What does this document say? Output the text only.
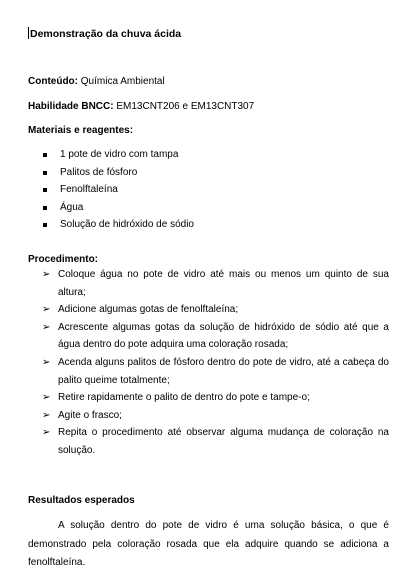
Demonstração da chuva ácida
Conteúdo: Química Ambiental
Habilidade BNCC: EM13CNT206 e EM13CNT307
Materiais e reagentes:
1 pote de vidro com tampa
Palitos de fósforo
Fenolftaleína
Água
Solução de hidróxido de sódio
Procedimento:
➢ Coloque água no pote de vidro até mais ou menos um quinto de sua
altura;
➢ Adicione algumas gotas de fenolftaleína;
➢ Acrescente algumas gotas da solução de hidróxido de sódio até que a
água dentro do pote adquira uma coloração rosada;
➢ Acenda alguns palitos de fósforo dentro do pote de vidro, até a cabeça do
palito queime totalmente;
➢ Retire rapidamente o palito de dentro do pote e tampe-o;
➢ Agite o frasco;
➢ Repita o procedimento até observar alguma mudança de coloração na
solução.
Resultados esperados
A solução dentro do pote de vidro é uma solução básica, o que é
demonstrado pela coloração rosada que ela adquire quando se adiciona a
fenolftaleína.
